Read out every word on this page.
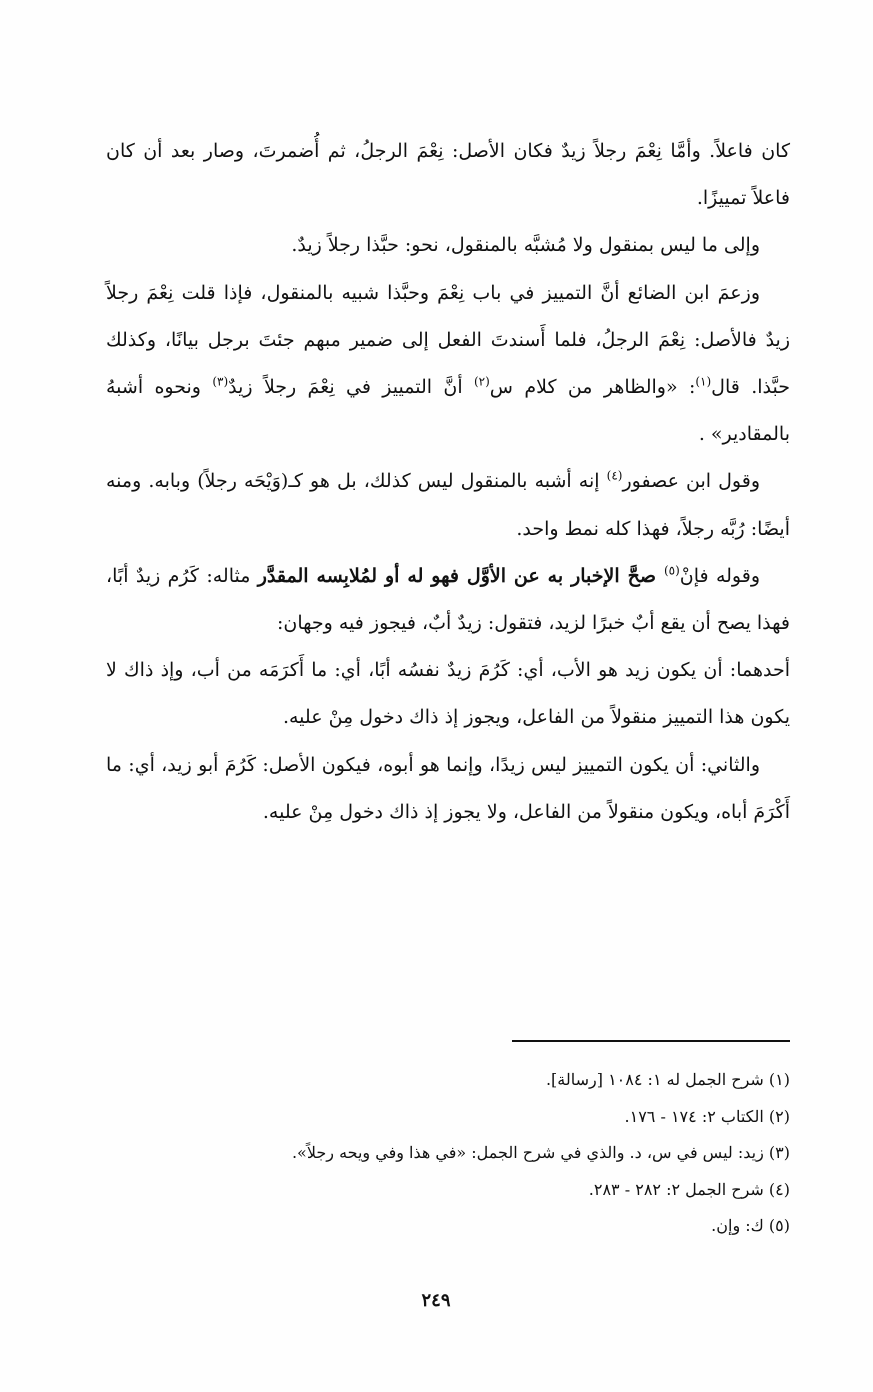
كان فاعلاً. وأمَّا نِعْمَ رجلاً زيدٌ فكان الأصل: نِعْمَ الرجلُ، ثم أُضمرتَ، وصار بعد أن كان فاعلاً تمييزًا.

وإلى ما ليس بمنقول ولا مُشبَّه بالمنقول، نحو: حبَّذا رجلاً زيدٌ.

وزعمَ ابن الضائع أنَّ التمييز في باب نِعْمَ وحبَّذا شبيه بالمنقول، فإذا قلت نِعْمَ رجلاً زيدٌ فالأصل: نِعْمَ الرجلُ، فلما أَسندتَ الفعل إلى ضمير مبهم جئتَ برجل بيانًا، وكذلك حبَّذا. قال$^{(١)}$: «والظاهر من كلام س$^{(٢)}$ أنَّ التمييز في نِعْمَ رجلاً زيدٌ$^{(٣)}$ ونحوه أشبهُ بالمقادير» .

وقول ابن عصفور$^{(٤)}$ إنه أشبه بالمنقول ليس كذلك، بل هو كـ(وَيْحَه رجلاً) وبابه. ومنه أيضًا: رُبَّه رجلاً، فهذا كله نمط واحد.

وقوله فإنْ$^{(٥)}$ صحَّ الإخبار به عن الأوَّل فهو له أو لمُلابِسه المقدَّر مثاله: كَرُم زيدٌ أبًا، فهذا يصح أن يقع أبٌ خبرًا لزيد، فتقول: زيدٌ أبٌ، فيجوز فيه وجهان:

أحدهما: أن يكون زيد هو الأب، أي: كَرُمَ زيدٌ نفسُه أبًا، أي: ما أَكرَمَه من أب، وإذ ذاك لا يكون هذا التمييز منقولاً من الفاعل، ويجوز إذ ذاك دخول مِنْ عليه.

والثاني: أن يكون التمييز ليس زيدًا، وإنما هو أبوه، فيكون الأصل: كَرُمَ أبو زيد، أي: ما أَكْرَمَ أباه، ويكون منقولاً من الفاعل، ولا يجوز إذ ذاك دخول مِنْ عليه.

(١) شرح الجمل له ١: ١٠٨٤ [رسالة].
(٢) الكتاب ٢: ١٧٤ - ١٧٦.
(٣) زيد: ليس في س، د. والذي في شرح الجمل: «في هذا وفي ويحه رجلاً».
(٤) شرح الجمل ٢: ٢٨٢ - ٢٨٣.
(٥) ك: وإن.
٢٤٩
